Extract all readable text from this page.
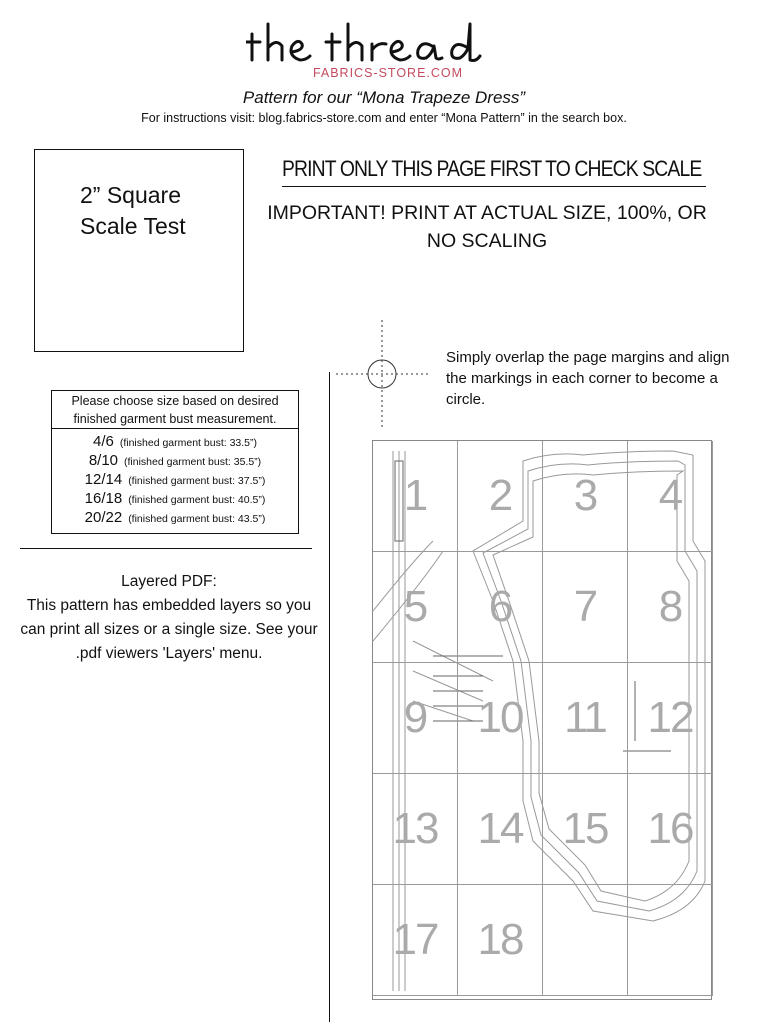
FABRICS-STORE.COM
Pattern for our “Mona Trapeze Dress”
For instructions visit: blog.fabrics-store.com and enter “Mona Pattern” in the search box.
2” Square
Scale Test
PRINT ONLY THIS PAGE FIRST TO CHECK SCALE
IMPORTANT! PRINT AT ACTUAL SIZE, 100%, OR NO SCALING
Please choose size based on desired finished garment bust measurement.
4/6 (finished garment bust: 33.5”)
8/10 (finished garment bust: 35.5”)
12/14 (finished garment bust: 37.5”)
16/18 (finished garment bust: 40.5”)
20/22 (finished garment bust: 43.5”)
Layered PDF:
This pattern has embedded layers so you can print all sizes or a single size. See your .pdf viewers 'Layers' menu.
Simply overlap the page margins and align the markings in each corner to become a circle.
1	2	3	4
5	6	7	8
9	10 11 12
13 14 15 16
17 18
